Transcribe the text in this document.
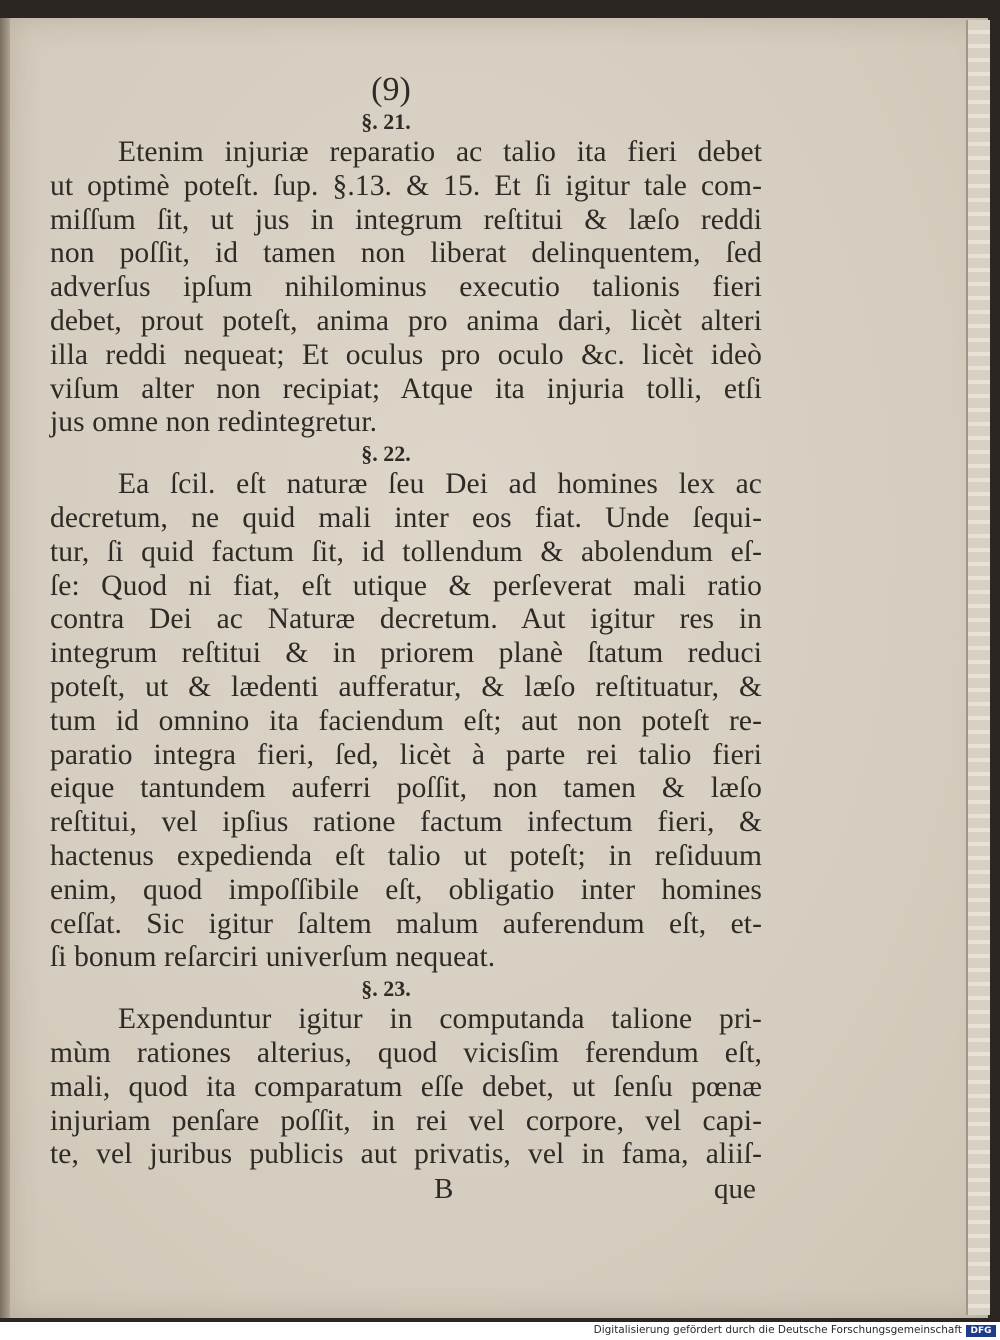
(9)
§. 21.
Etenim injuriæ reparatio ac talio ita fieri debet
ut optimè poteſt. ſup. §.13. & 15. Et ſi igitur tale com-
miſſum ſit, ut jus in integrum reſtitui & læſo reddi
non poſſit, id tamen non liberat delinquentem, ſed
adverſus ipſum nihilominus executio talionis fieri
debet, prout poteſt, anima pro anima dari, licèt alteri
illa reddi nequeat; Et oculus pro oculo &c. licèt ideò
viſum alter non recipiat; Atque ita injuria tolli, etſi
jus omne non redintegretur.
§. 22.
Ea ſcil. eſt naturæ ſeu Dei ad homines lex ac
decretum, ne quid mali inter eos fiat. Unde ſequi-
tur, ſi quid factum ſit, id tollendum & abolendum eſ-
ſe: Quod ni fiat, eſt utique & perſeverat mali ratio
contra Dei ac Naturæ decretum. Aut igitur res in
integrum reſtitui & in priorem planè ſtatum reduci
poteſt, ut & lædenti aufferatur, & læſo reſtituatur, &
tum id omnino ita faciendum eſt; aut non poteſt re-
paratio integra fieri, ſed, licèt à parte rei talio fieri
eique tantundem auferri poſſit, non tamen & læſo
reſtitui, vel ipſius ratione factum infectum fieri, &
hactenus expedienda eſt talio ut poteſt; in reſiduum
enim, quod impoſſibile eſt, obligatio inter homines
ceſſat. Sic igitur ſaltem malum auferendum eſt, et-
ſi bonum reſarciri univerſum nequeat.
§. 23.
Expenduntur igitur in computanda talione pri-
mùm rationes alterius, quod vicisſim ferendum eſt,
mali, quod ita comparatum eſſe debet, ut ſenſu pœnæ
injuriam penſare poſſit, in rei vel corpore, vel capi-
te, vel juribus publicis aut privatis, vel in fama, aliiſ-
B	que
Digitalisierung gefördert durch die Deutsche Forschungsgemeinschaft DFG
